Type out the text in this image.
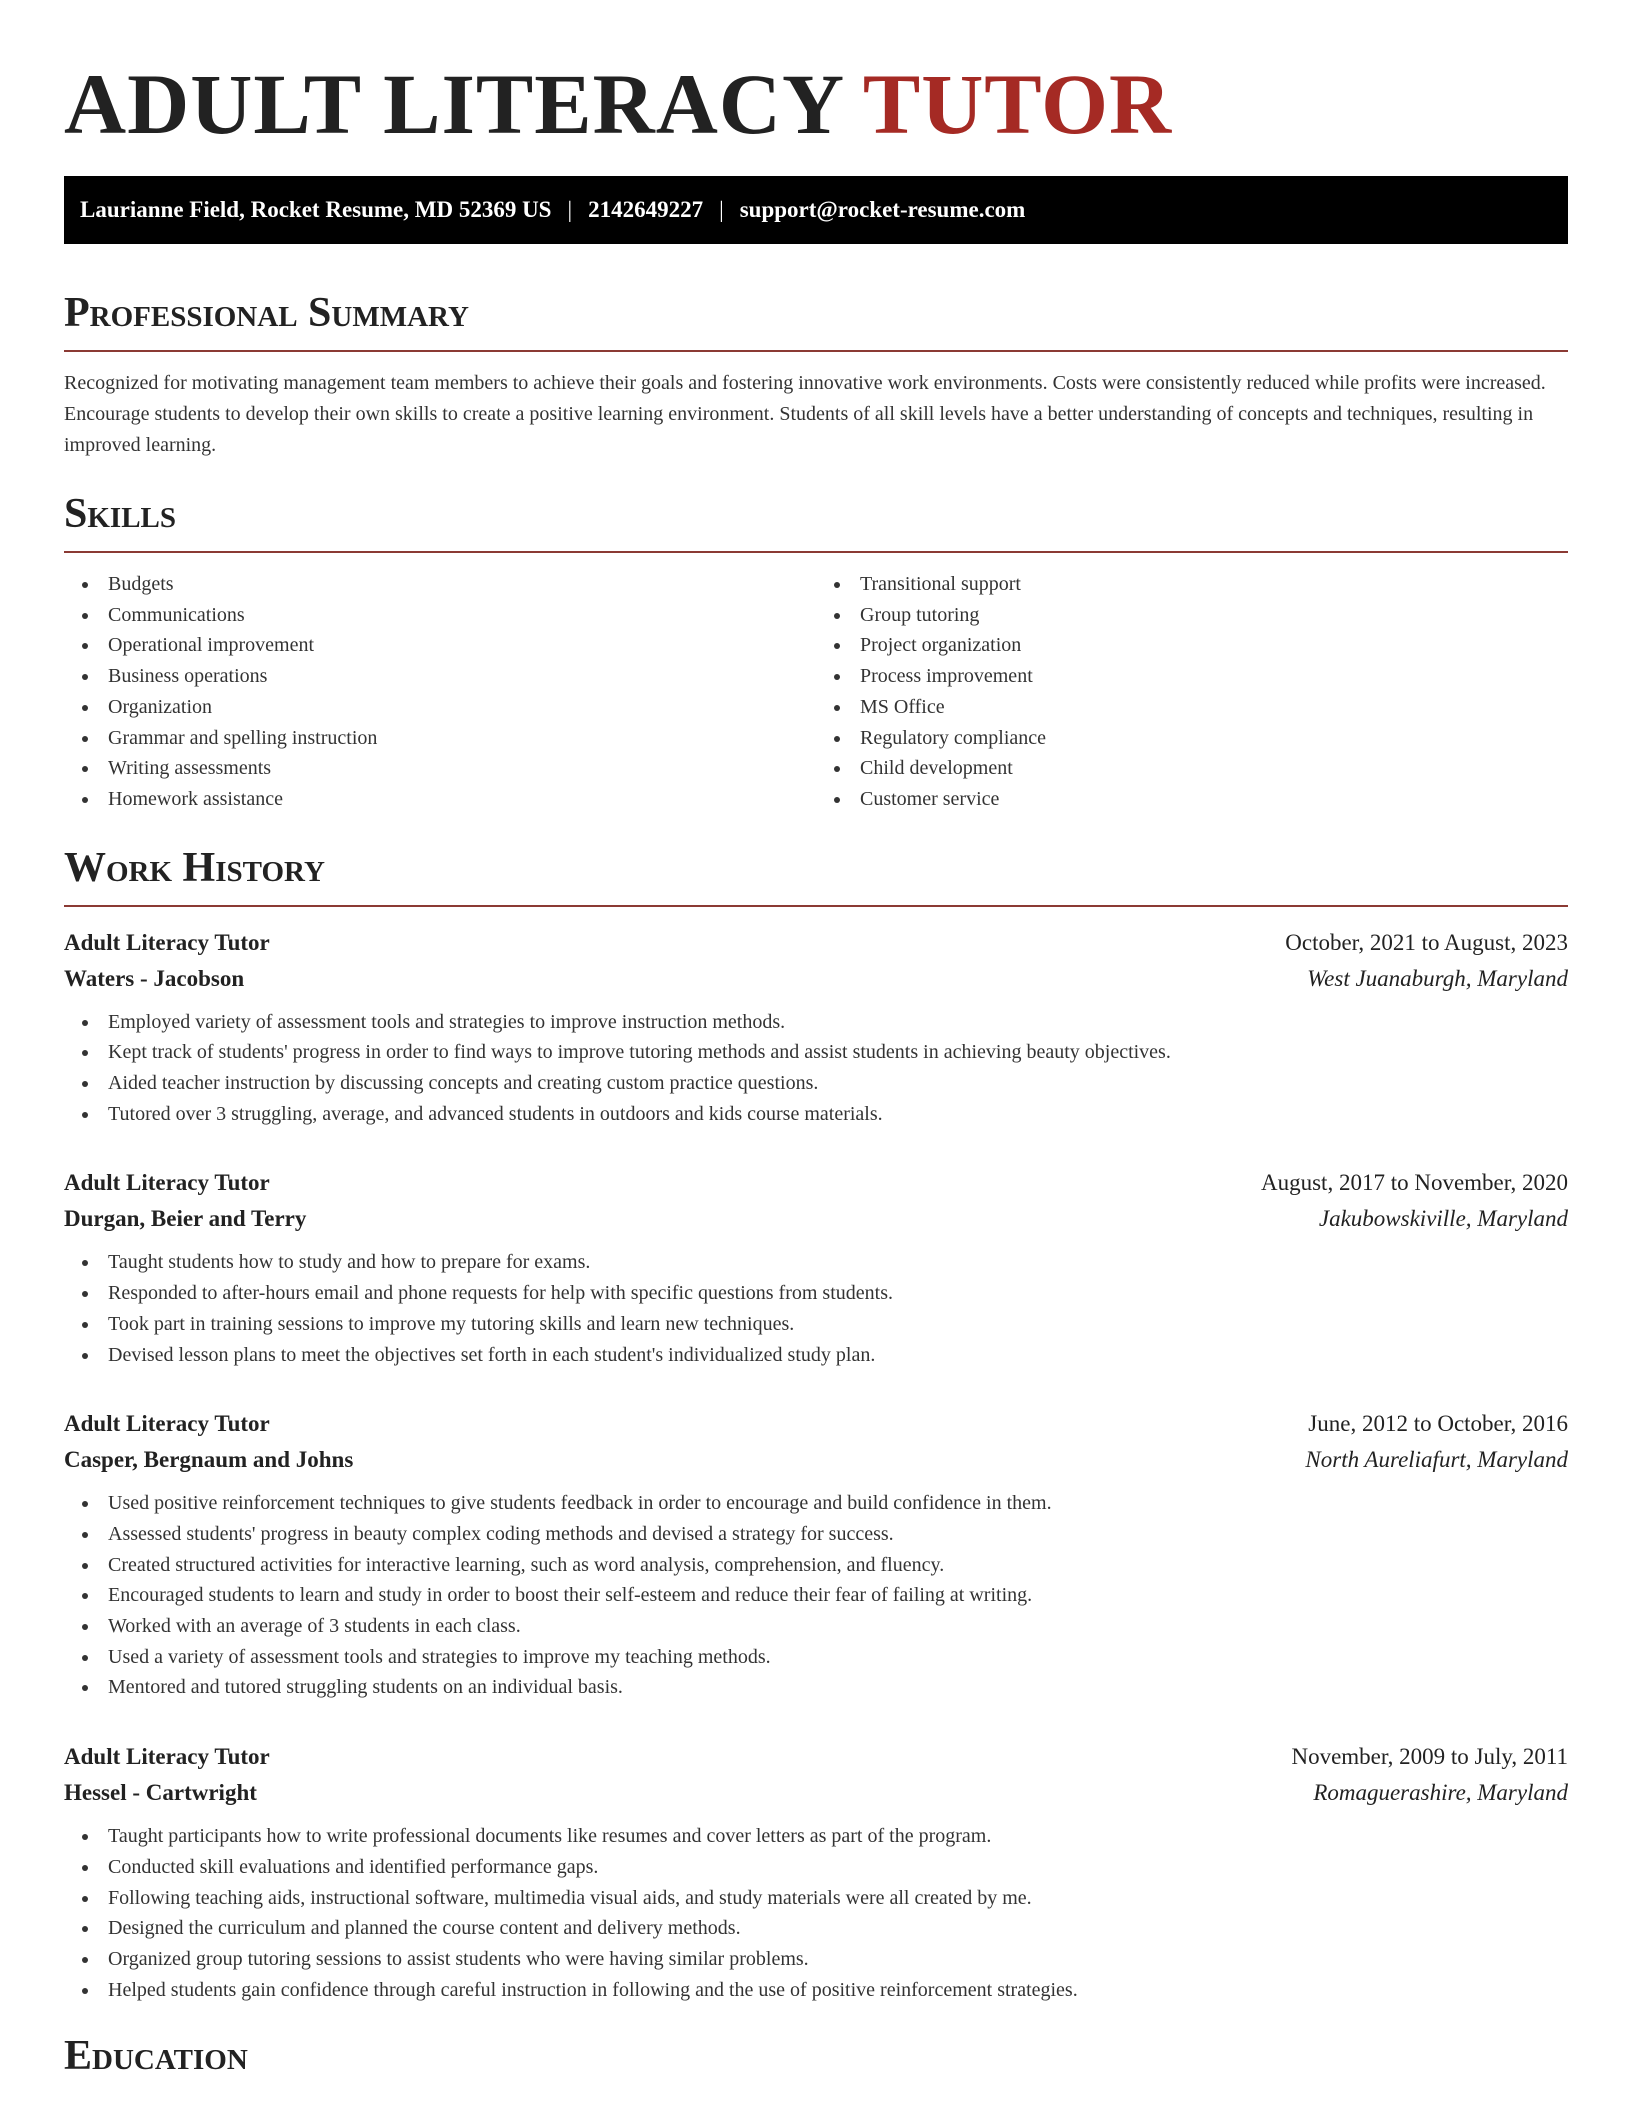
ADULT LITERACY TUTOR
Laurianne Field, Rocket Resume, MD 52369 US | 2142649227 | support@rocket-resume.com
Professional Summary

Recognized for motivating management team members to achieve their goals and fostering innovative work environments. Costs were consistently reduced while profits were increased. Encourage students to develop their own skills to create a positive learning environment. Students of all skill levels have a better understanding of concepts and techniques, resulting in improved learning.

Skills
Budgets
Communications
Operational improvement
Business operations
Organization
Grammar and spelling instruction
Writing assessments
Homework assistance
Transitional support
Group tutoring
Project organization
Process improvement
MS Office
Regulatory compliance
Child development
Customer service
Work History
Adult Literacy Tutor	October, 2021 to August, 2023
Waters - Jacobson	West Juanaburgh, Maryland
Employed variety of assessment tools and strategies to improve instruction methods.
Kept track of students' progress in order to find ways to improve tutoring methods and assist students in achieving beauty objectives.
Aided teacher instruction by discussing concepts and creating custom practice questions.
Tutored over 3 struggling, average, and advanced students in outdoors and kids course materials.
Adult Literacy Tutor	August, 2017 to November, 2020
Durgan, Beier and Terry	Jakubowskiville, Maryland
Taught students how to study and how to prepare for exams.
Responded to after-hours email and phone requests for help with specific questions from students.
Took part in training sessions to improve my tutoring skills and learn new techniques.
Devised lesson plans to meet the objectives set forth in each student's individualized study plan.
Adult Literacy Tutor	June, 2012 to October, 2016
Casper, Bergnaum and Johns	North Aureliafurt, Maryland
Used positive reinforcement techniques to give students feedback in order to encourage and build confidence in them.
Assessed students' progress in beauty complex coding methods and devised a strategy for success.
Created structured activities for interactive learning, such as word analysis, comprehension, and fluency.
Encouraged students to learn and study in order to boost their self-esteem and reduce their fear of failing at writing.
Worked with an average of 3 students in each class.
Used a variety of assessment tools and strategies to improve my teaching methods.
Mentored and tutored struggling students on an individual basis.
Adult Literacy Tutor	November, 2009 to July, 2011
Hessel - Cartwright	Romaguerashire, Maryland
Taught participants how to write professional documents like resumes and cover letters as part of the program.
Conducted skill evaluations and identified performance gaps.
Following teaching aids, instructional software, multimedia visual aids, and study materials were all created by me.
Designed the curriculum and planned the course content and delivery methods.
Organized group tutoring sessions to assist students who were having similar problems.
Helped students gain confidence through careful instruction in following and the use of positive reinforcement strategies.
Education
